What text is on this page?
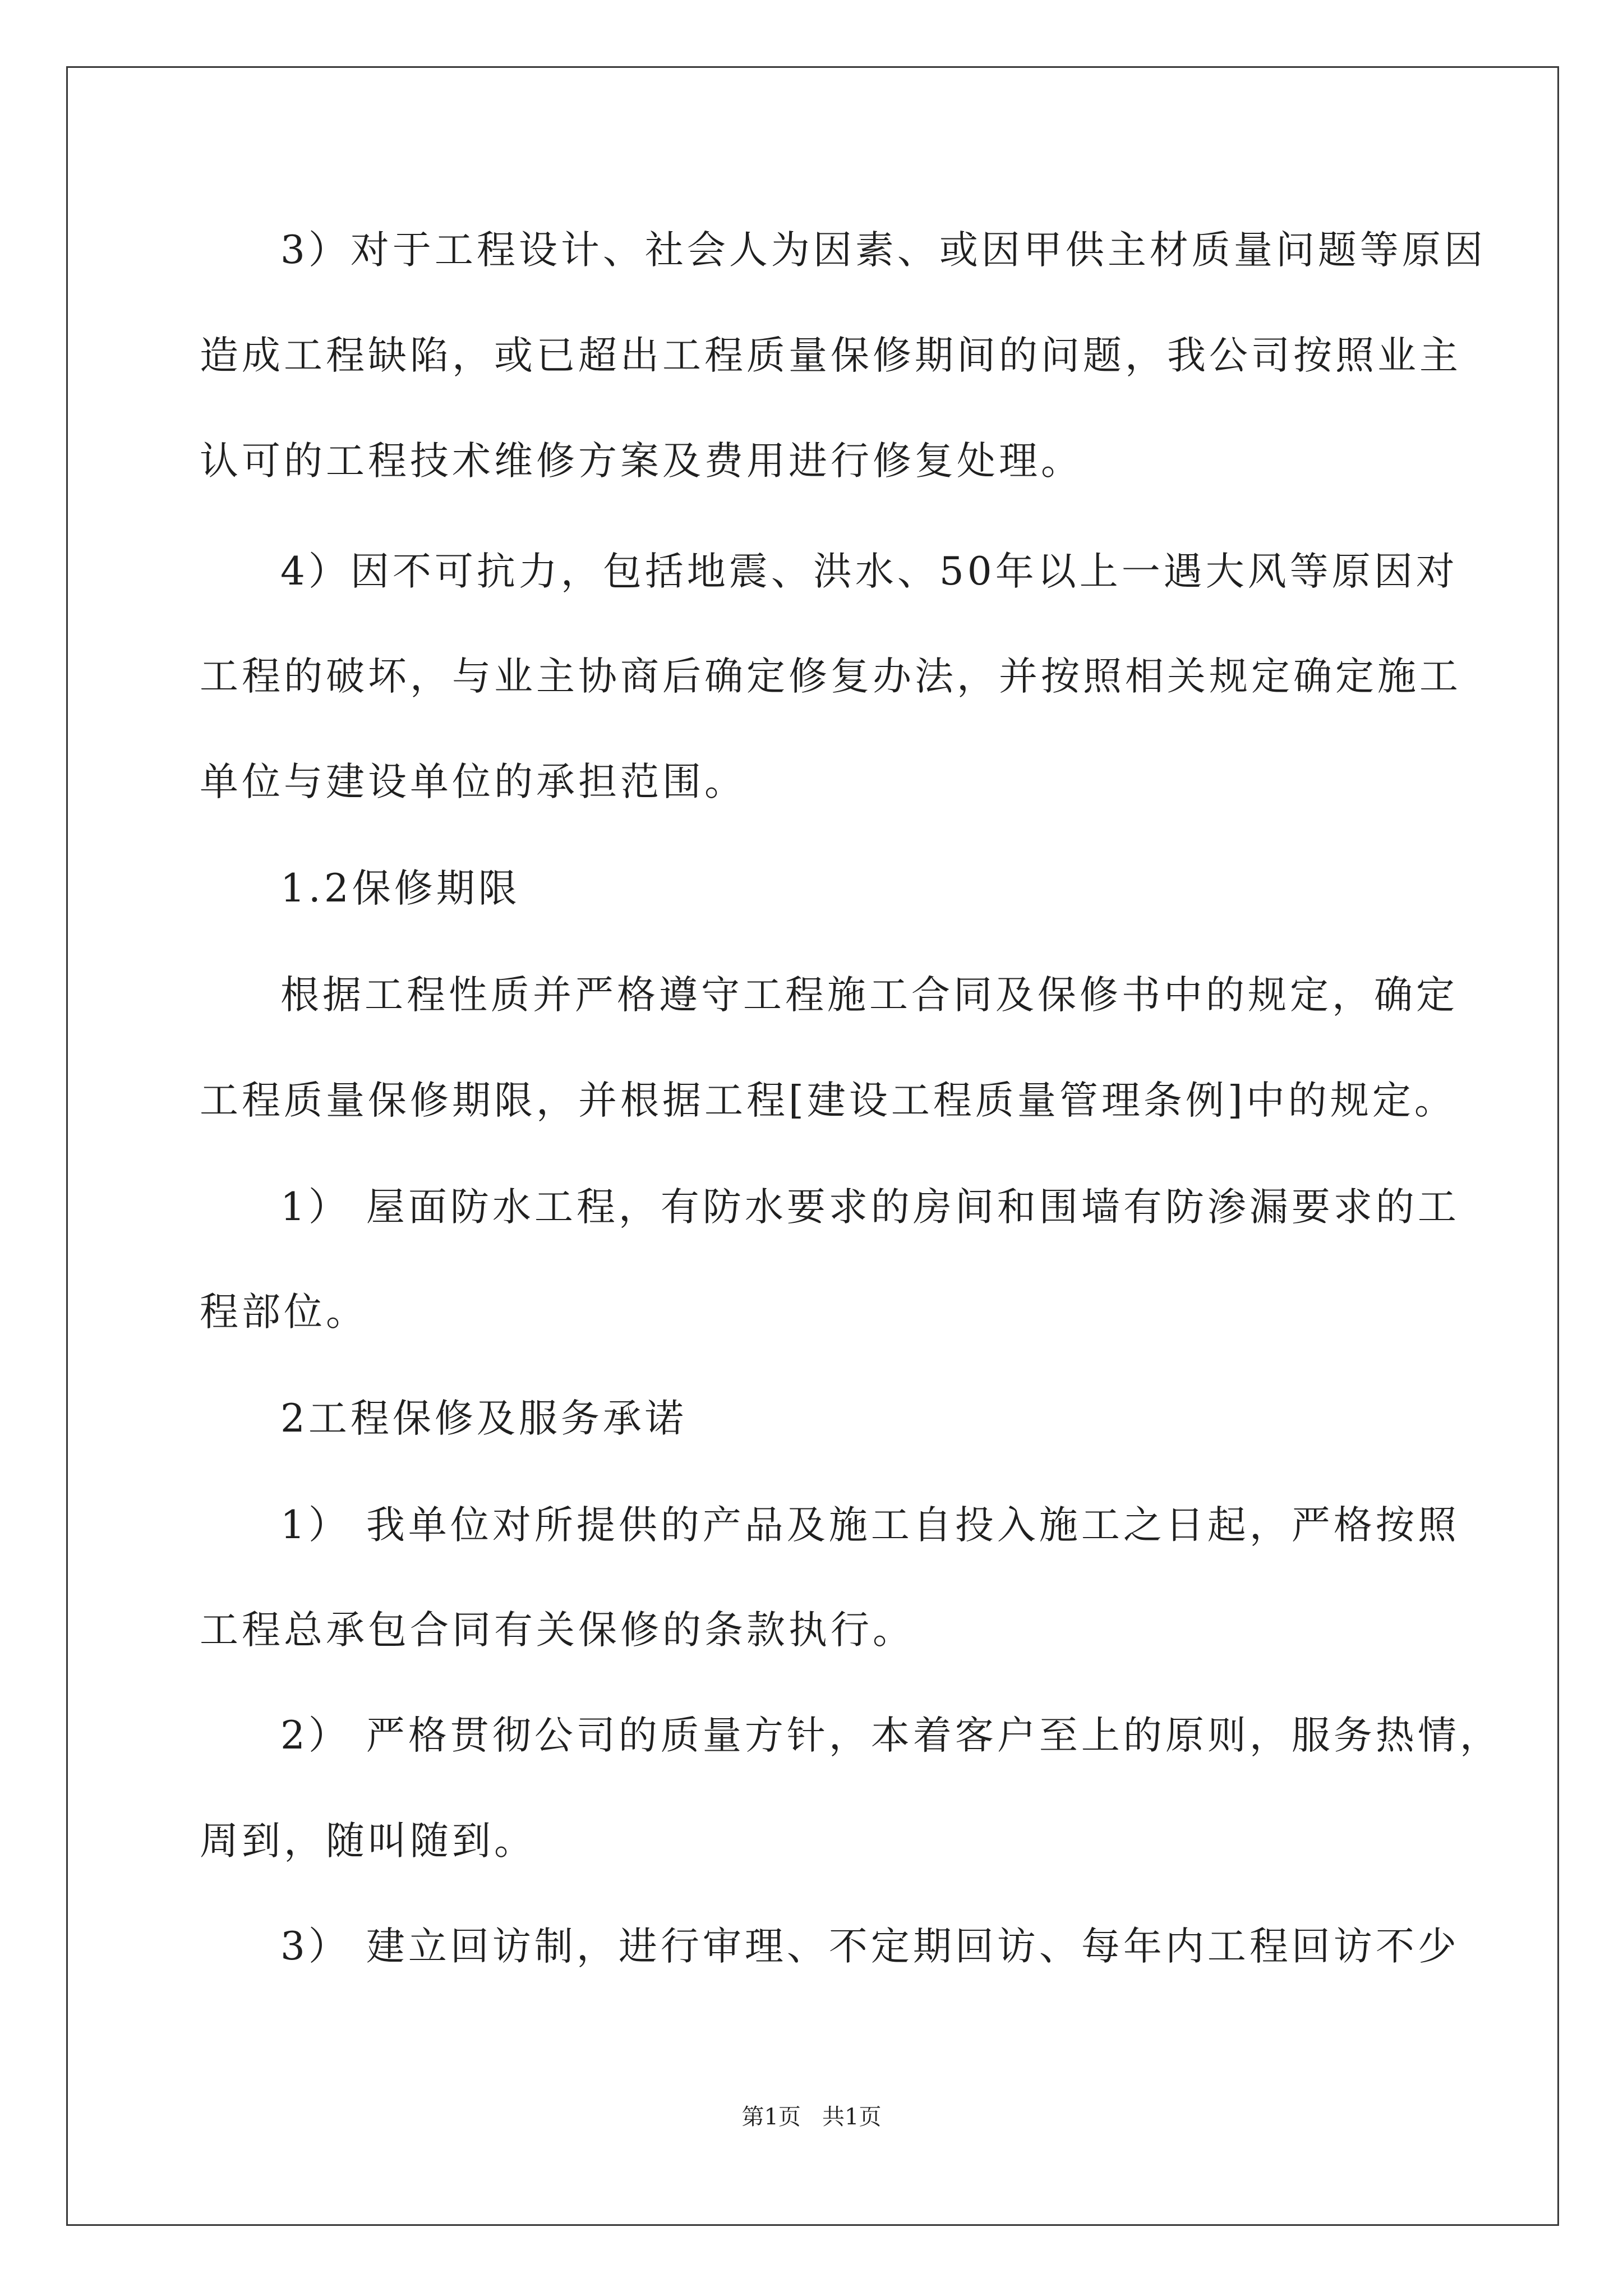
3）对于工程设计、社会人为因素、或因甲供主材质量问题等原因

造成工程缺陷，或已超出工程质量保修期间的问题，我公司按照业主

认可的工程技术维修方案及费用进行修复处理。

4）因不可抗力，包括地震、洪水、50年以上一遇大风等原因对

工程的破坏，与业主协商后确定修复办法，并按照相关规定确定施工

单位与建设单位的承担范围。

1.2保修期限

根据工程性质并严格遵守工程施工合同及保修书中的规定，确定

工程质量保修期限，并根据工程[建设工程质量管理条例]中的规定。

1） 屋面防水工程，有防水要求的房间和围墙有防渗漏要求的工

程部位。

2工程保修及服务承诺

1） 我单位对所提供的产品及施工自投入施工之日起，严格按照

工程总承包合同有关保修的条款执行。

2） 严格贯彻公司的质量方针，本着客户至上的原则，服务热情，

周到，随叫随到。

3） 建立回访制，进行审理、不定期回访、每年内工程回访不少

第1页   共1页
